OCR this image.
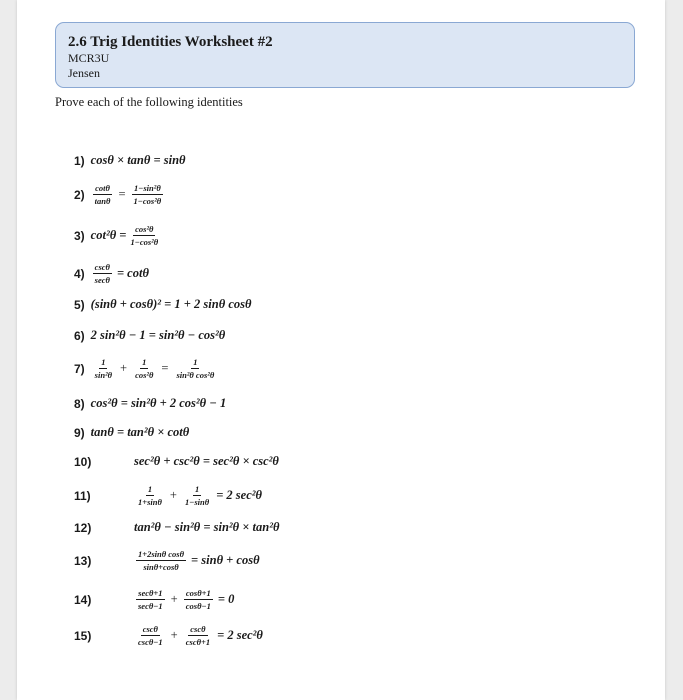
2.6 Trig Identities Worksheet #2
MCR3U
Jensen
Prove each of the following identities
1) cosθ × tanθ = sinθ
$2) \frac{\cot\theta}{\tan\theta} = \frac{\text{1−sin²θ}}{\text{1−cos²θ}}$
3) $\cot^2\theta = \frac{\text{cos²θ}}{\text{1−cos²θ}}$
$4) \frac{\csc\theta}{\sec\theta} = \cot\theta$
5) (sinθ + cosθ)² = 1 + 2 sinθ cosθ
6) 2 sin²θ − 1 = sin²θ − cos²θ
$7) \frac{1}{\text{sin²θ}} + \frac{1}{\text{cos²θ}} = \frac{1}{\text{sin²θ cos²θ}}$
8) cos²θ = sin²θ + 2 cos²θ − 1
9) tanθ = tan²θ × cotθ
10)	sec²θ + csc²θ = sec²θ × csc²θ
11)	$\frac{1}{1+\sin\theta} + \frac{1}{1-\sin\theta} = 2$ sec²θ
12)	tan²θ − sin²θ = sin²θ × tan²θ
13)	$\frac{\text{1+2sinθ cosθ}}{\sin\theta+\cos\theta} = \sin\theta + \cos\theta$
14)	$\frac{\sec\theta+1}{\sec\theta-1} + \frac{\cos\theta+1}{\cos\theta-1} = 0$
15)	$\frac{\csc\theta}{\csc\theta-1} + \frac{\csc\theta}{\csc\theta+1} = 2$ sec²θ
